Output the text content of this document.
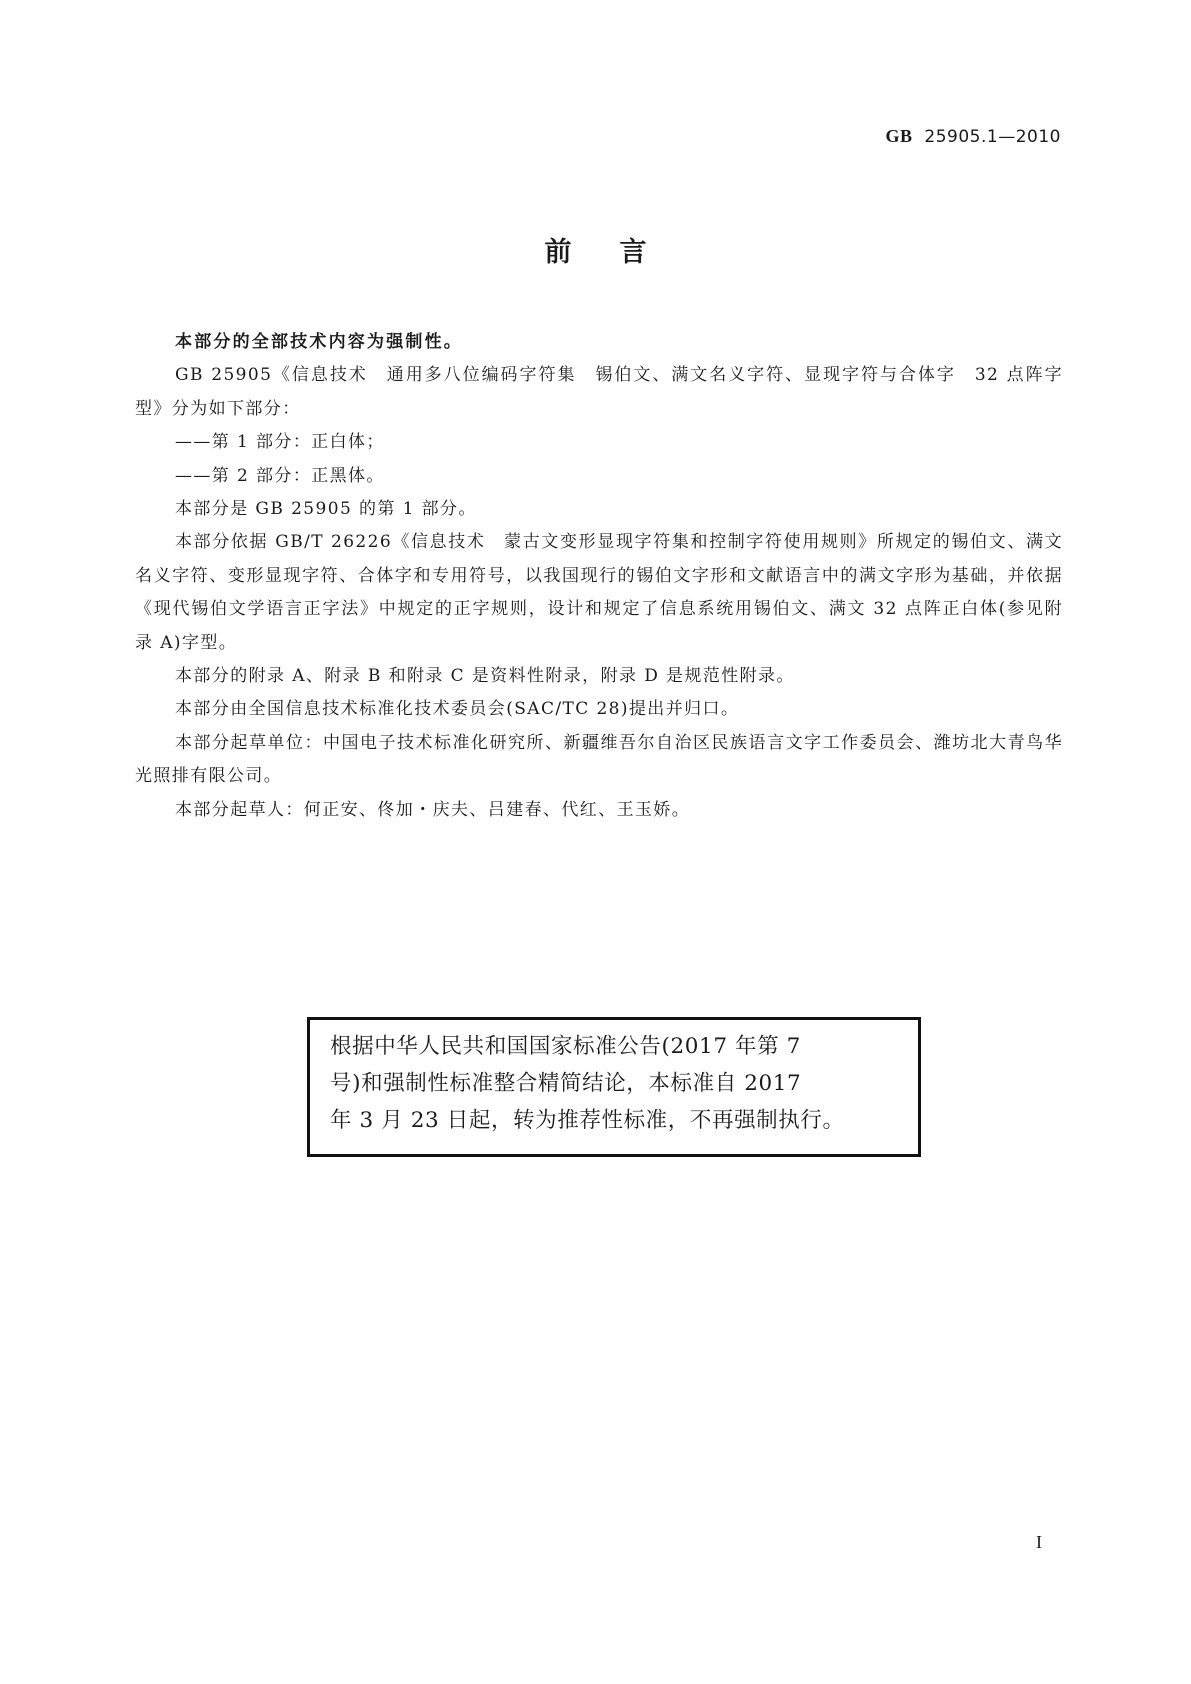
GB 25905.1—2010
前言

本部分的全部技术内容为强制性。

GB 25905《信息技术　通用多八位编码字符集　锡伯文、满文名义字符、显现字符与合体字　32 点阵字型》分为如下部分：

——第 1 部分：正白体；

——第 2 部分：正黑体。

本部分是 GB 25905 的第 1 部分。

本部分依据 GB/T 26226《信息技术　蒙古文变形显现字符集和控制字符使用规则》所规定的锡伯文、满文名义字符、变形显现字符、合体字和专用符号，以我国现行的锡伯文字形和文献语言中的满文字形为基础，并依据《现代锡伯文学语言正字法》中规定的正字规则，设计和规定了信息系统用锡伯文、满文 32 点阵正白体(参见附录 A)字型。

本部分的附录 A、附录 B 和附录 C 是资料性附录，附录 D 是规范性附录。

本部分由全国信息技术标准化技术委员会(SAC/TC 28)提出并归口。

本部分起草单位：中国电子技术标准化研究所、新疆维吾尔自治区民族语言文字工作委员会、潍坊北大青鸟华光照排有限公司。

本部分起草人：何正安、佟加・庆夫、吕建春、代红、王玉娇。

根据中华人民共和国国家标准公告(2017 年第 7
号)和强制性标准整合精简结论，本标准自 2017
年 3 月 23 日起，转为推荐性标准，不再强制执行。
I
